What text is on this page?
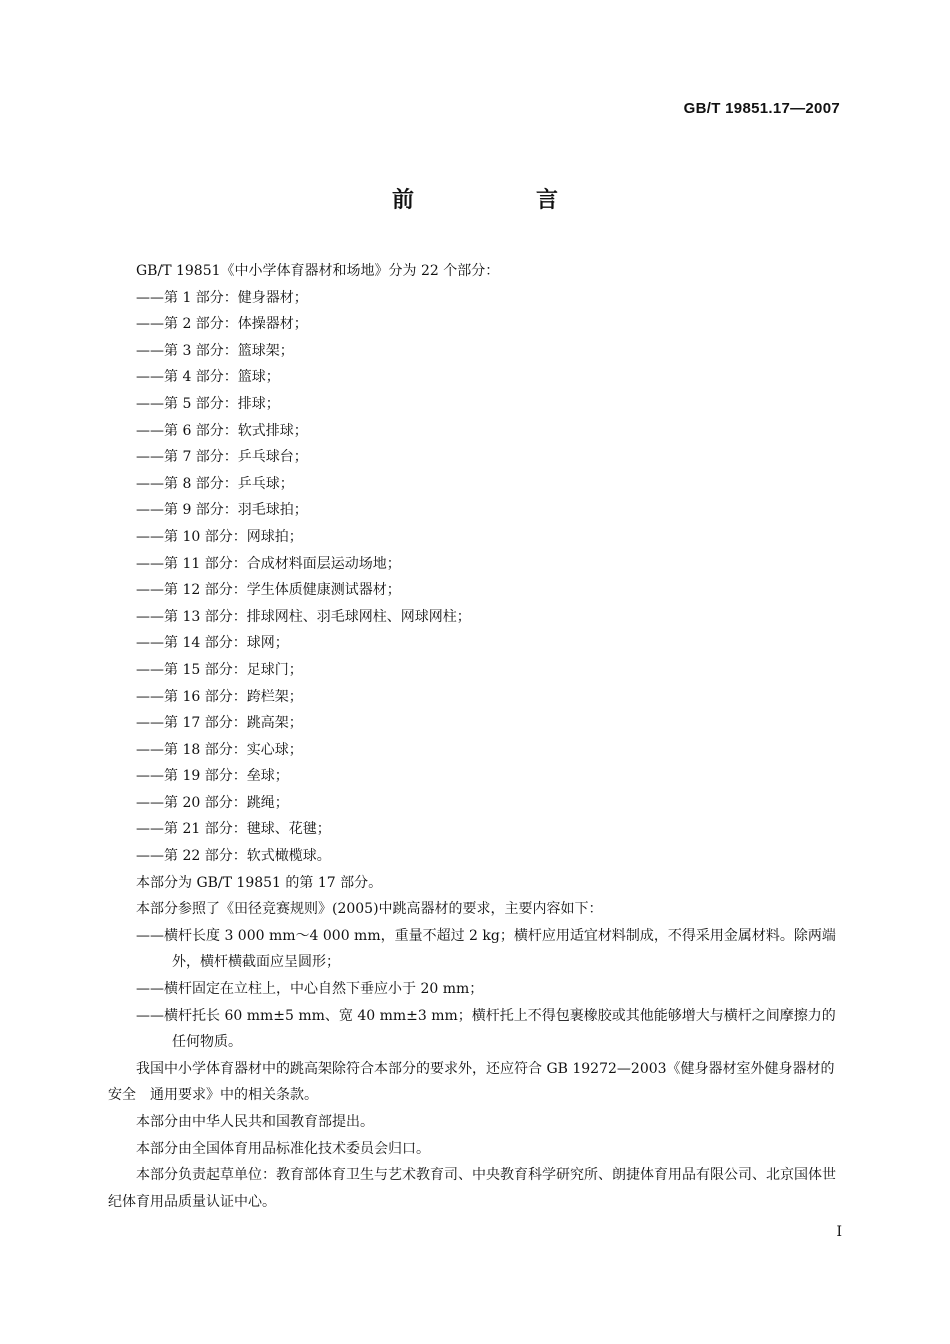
GB/T 19851.17—2007
前　言
GB/T 19851《中小学体育器材和场地》分为 22 个部分：
——第 1 部分：健身器材；
——第 2 部分：体操器材；
——第 3 部分：篮球架；
——第 4 部分：篮球；
——第 5 部分：排球；
——第 6 部分：软式排球；
——第 7 部分：乒乓球台；
——第 8 部分：乒乓球；
——第 9 部分：羽毛球拍；
——第 10 部分：网球拍；
——第 11 部分：合成材料面层运动场地；
——第 12 部分：学生体质健康测试器材；
——第 13 部分：排球网柱、羽毛球网柱、网球网柱；
——第 14 部分：球网；
——第 15 部分：足球门；
——第 16 部分：跨栏架；
——第 17 部分：跳高架；
——第 18 部分：实心球；
——第 19 部分：垒球；
——第 20 部分：跳绳；
——第 21 部分：毽球、花毽；
——第 22 部分：软式橄榄球。
本部分为 GB/T 19851 的第 17 部分。
本部分参照了《田径竞赛规则》(2005)中跳高器材的要求，主要内容如下：
——横杆长度 3 000 mm～4 000 mm，重量不超过 2 kg；横杆应用适宜材料制成，不得采用金属材料。除两端外，横杆横截面应呈圆形；
——横杆固定在立柱上，中心自然下垂应小于 20 mm；
——横杆托长 60 mm±5 mm、宽 40 mm±3 mm；横杆托上不得包裹橡胶或其他能够增大与横杆之间摩擦力的任何物质。
我国中小学体育器材中的跳高架除符合本部分的要求外，还应符合 GB 19272—2003《健身器材室外健身器材的安全　通用要求》中的相关条款。
本部分由中华人民共和国教育部提出。
本部分由全国体育用品标准化技术委员会归口。
本部分负责起草单位：教育部体育卫生与艺术教育司、中央教育科学研究所、朗捷体育用品有限公司、北京国体世纪体育用品质量认证中心。
I
